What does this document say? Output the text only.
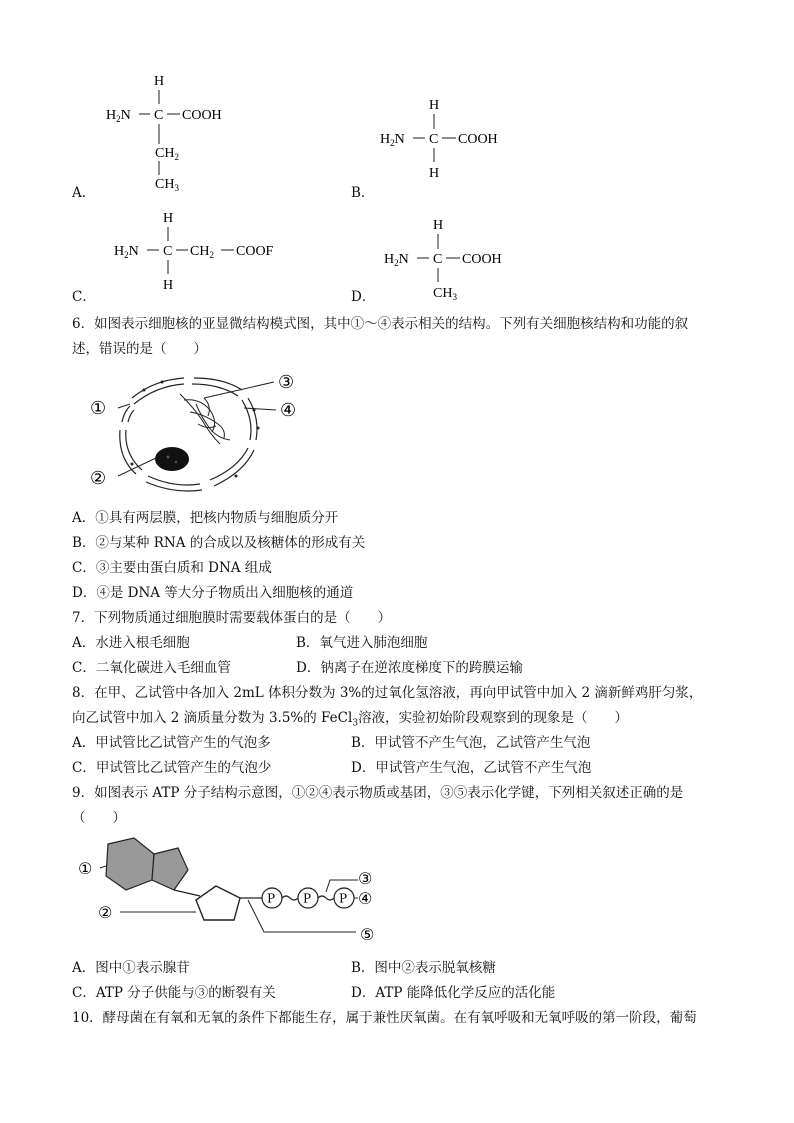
H
$H_2N$ C COOH
$CH_2$
$CH_3$
A．
H
$H_2N$ C COOH
H
B．
H
$H_2N$ C $CH_2$ COOF
H
C．
H
$H_2N$ C COOH
$CH_3$
D．
6．如图表示细胞核的亚显微结构模式图，其中①～④表示相关的结构。下列有关细胞核结构和功能的叙
述，错误的是（　　）
①
②
③
④
A．①具有两层膜，把核内物质与细胞质分开
B．②与某种 RNA 的合成以及核糖体的形成有关
C．③主要由蛋白质和 DNA 组成
D．④是 DNA 等大分子物质出入细胞核的通道
7．下列物质通过细胞膜时需要载体蛋白的是（　　）
A．水进入根毛细胞	B．氧气进入肺泡细胞
C．二氧化碳进入毛细血管	D．钠离子在逆浓度梯度下的跨膜运输
8．在甲、乙试管中各加入 2mL 体积分数为 3%的过氧化氢溶液，再向甲试管中加入 2 滴新鲜鸡肝匀浆，
向乙试管中加入 2 滴质量分数为 3.5%的 FeCl$_3$溶液，实验初始阶段观察到的现象是（　　）
A．甲试管比乙试管产生的气泡多	B．甲试管不产生气泡，乙试管产生气泡
C．甲试管比乙试管产生的气泡少	D．甲试管产生气泡，乙试管不产生气泡
9．如图表示 ATP 分子结构示意图，①②④表示物质或基团，③⑤表示化学键，下列相关叙述正确的是
（　　）
P P P
①
②
③
④
⑤
A．图中①表示腺苷	B．图中②表示脱氧核糖
C．ATP 分子供能与③的断裂有关	D．ATP 能降低化学反应的活化能
10．酵母菌在有氧和无氧的条件下都能生存，属于兼性厌氧菌。在有氧呼吸和无氧呼吸的第一阶段，葡萄
